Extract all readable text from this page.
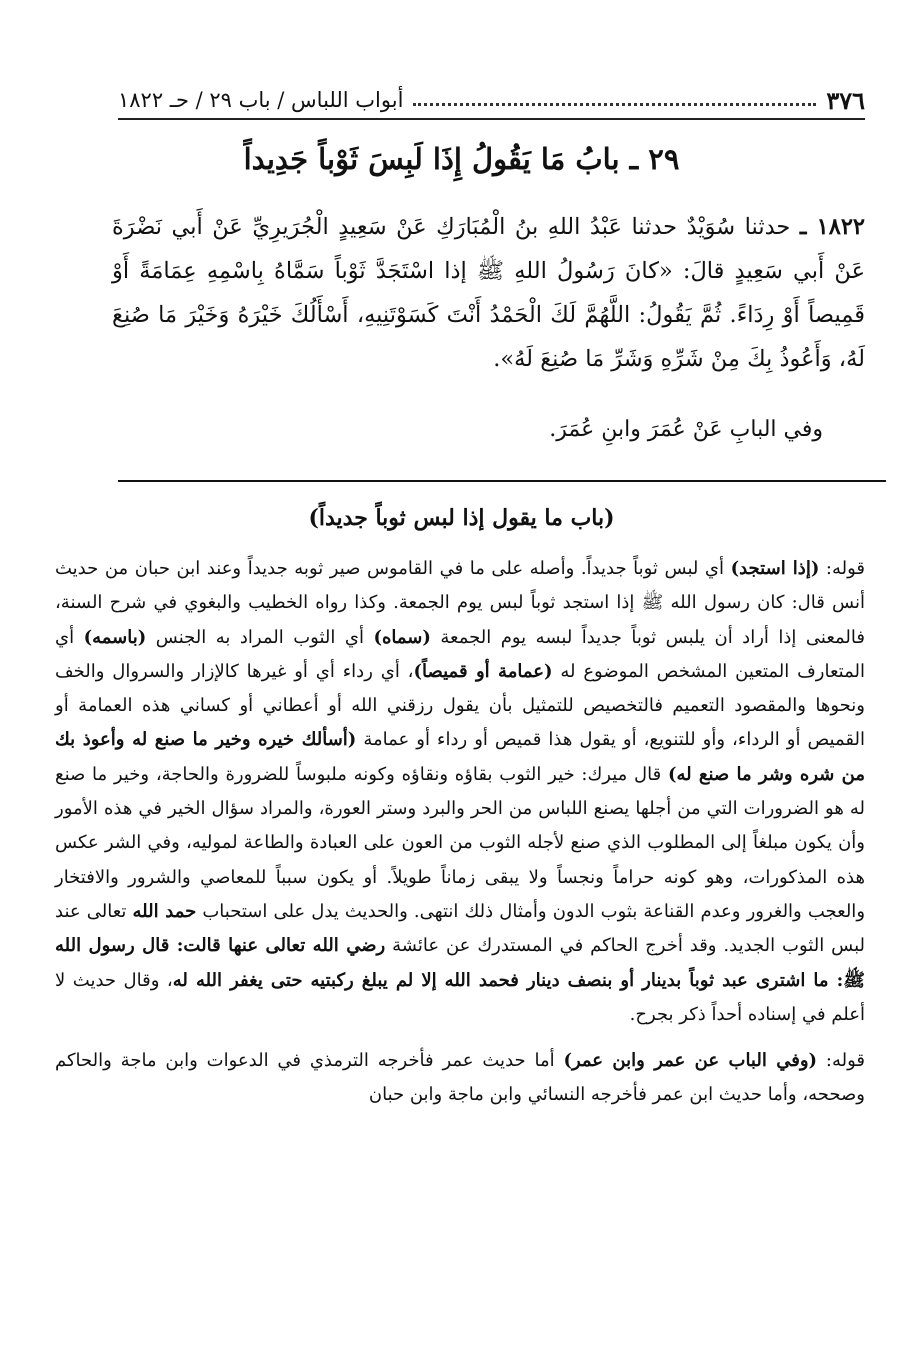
٣٧٦
أبواب اللباس / باب ٢٩ / حـ ١٨٢٢
٢٩ ـ بابُ مَا يَقُولُ إِذَا لَبِسَ ثَوْباً جَدِيداً
١٨٢٢ ـ حدثنا سُوَيْدٌ حدثنا عَبْدُ اللهِ بنُ الْمُبَارَكِ عَنْ سَعِيدٍ الْجُرَيرِيِّ عَنْ أَبي نَضْرَةَ عَنْ أَبي سَعِيدٍ قالَ: «كانَ رَسُولُ اللهِ ﷺ إذا اسْتَجَدَّ ثَوْباً سَمَّاهُ بِاسْمِهِ عِمَامَةً أَوْ قَمِيصاً أَوْ رِدَاءً. ثُمَّ يَقُولُ: اللَّهُمَّ لَكَ الْحَمْدُ أَنْتَ كَسَوْتَنِيهِ، أَسْأَلُكَ خَيْرَهُ وَخَيْرَ مَا صُنِعَ لَهُ، وَأَعُوذُ بِكَ مِنْ شَرِّهِ وَشَرِّ مَا صُنِعَ لَهُ».
وفي البابِ عَنْ عُمَرَ وابنِ عُمَرَ.
(باب ما يقول إذا لبس ثوباً جديداً)

قوله: (إذا استجد) أي لبس ثوباً جديداً. وأصله على ما في القاموس صير ثوبه جديداً وعند ابن حبان من حديث أنس قال: كان رسول الله ﷺ إذا استجد ثوباً لبس يوم الجمعة. وكذا رواه الخطيب والبغوي في شرح السنة، فالمعنى إذا أراد أن يلبس ثوباً جديداً لبسه يوم الجمعة (سماه) أي الثوب المراد به الجنس (باسمه) أي المتعارف المتعين المشخص الموضوع له (عمامة أو قميصاً)، أي رداء أي أو غيرها كالإزار والسروال والخف ونحوها والمقصود التعميم فالتخصيص للتمثيل بأن يقول رزقني الله أو أعطاني أو كساني هذه العمامة أو القميص أو الرداء، وأو للتنويع، أو يقول هذا قميص أو رداء أو عمامة (أسألك خيره وخير ما صنع له وأعوذ بك من شره وشر ما صنع له) قال ميرك: خير الثوب بقاؤه ونقاؤه وكونه ملبوساً للضرورة والحاجة، وخير ما صنع له هو الضرورات التي من أجلها يصنع اللباس من الحر والبرد وستر العورة، والمراد سؤال الخير في هذه الأمور وأن يكون مبلغاً إلى المطلوب الذي صنع لأجله الثوب من العون على العبادة والطاعة لموليه، وفي الشر عكس هذه المذكورات، وهو كونه حراماً ونجساً ولا يبقى زماناً طويلاً. أو يكون سبباً للمعاصي والشرور والافتخار والعجب والغرور وعدم القناعة بثوب الدون وأمثال ذلك انتهى. والحديث يدل على استحباب حمد الله تعالى عند لبس الثوب الجديد. وقد أخرج الحاكم في المستدرك عن عائشة رضي الله تعالى عنها قالت: قال رسول الله ﷺ: ما اشترى عبد ثوباً بدينار أو بنصف دينار فحمد الله إلا لم يبلغ ركبتيه حتى يغفر الله له، وقال حديث لا أعلم في إسناده أحداً ذكر بجرح.

قوله: (وفي الباب عن عمر وابن عمر) أما حديث عمر فأخرجه الترمذي في الدعوات وابن ماجة والحاكم وصححه، وأما حديث ابن عمر فأخرجه النسائي وابن ماجة وابن حبان
